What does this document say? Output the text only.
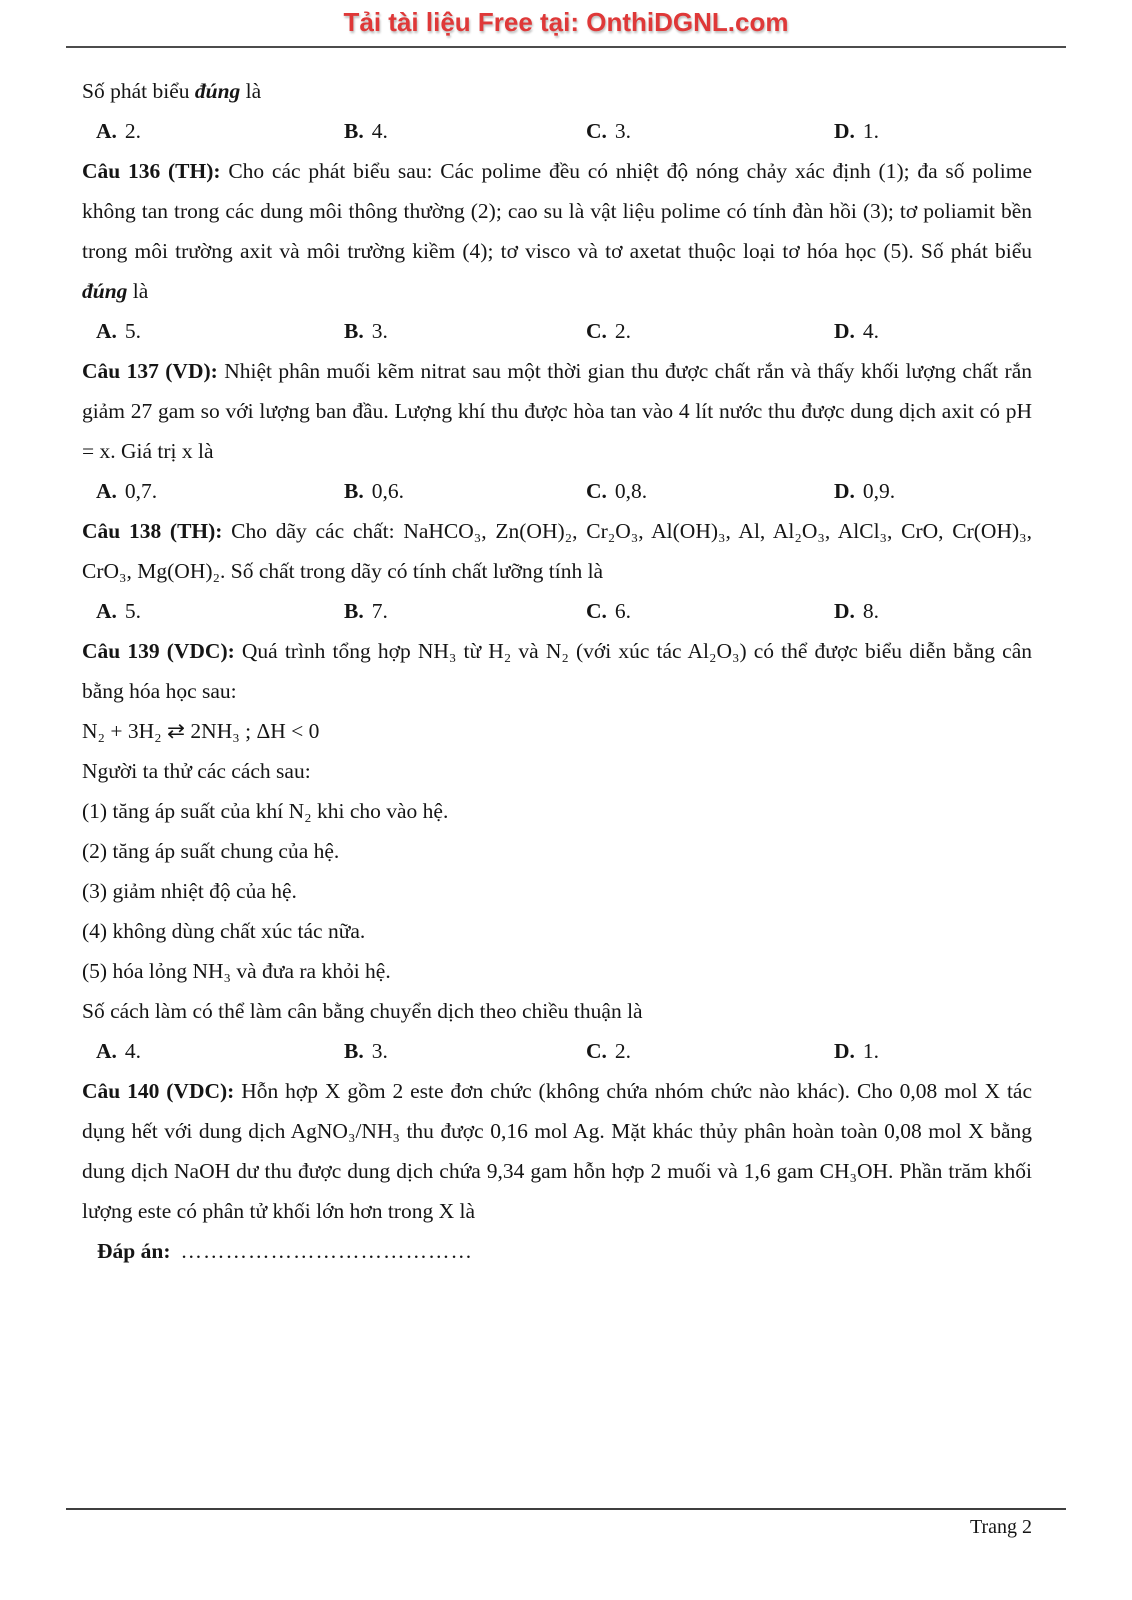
Tải tài liệu Free tại: OnthiDGNL.com

Số phát biểu đúng là

A. 2.	B. 4.	C. 3.	D. 1.

Câu 136 (TH): Cho các phát biểu sau: Các polime đều có nhiệt độ nóng chảy xác định (1); đa số polime không tan trong các dung môi thông thường (2); cao su là vật liệu polime có tính đàn hồi (3); tơ poliamit bền trong môi trường axit và môi trường kiềm (4); tơ visco và tơ axetat thuộc loại tơ hóa học (5). Số phát biểu đúng là

A. 5.	B. 3.	C. 2.	D. 4.

Câu 137 (VD): Nhiệt phân muối kẽm nitrat sau một thời gian thu được chất rắn và thấy khối lượng chất rắn giảm 27 gam so với lượng ban đầu. Lượng khí thu được hòa tan vào 4 lít nước thu được dung dịch axit có pH = x. Giá trị x là

A. 0,7.	B. 0,6.	C. 0,8.	D. 0,9.

Câu 138 (TH): Cho dãy các chất: NaHCO₃, Zn(OH)₂, Cr₂O₃, Al(OH)₃, Al, Al₂O₃, AlCl₃, CrO, Cr(OH)₃, CrO₃, Mg(OH)₂. Số chất trong dãy có tính chất lưỡng tính là

A. 5.	B. 7.	C. 6.	D. 8.

Câu 139 (VDC): Quá trình tổng hợp NH₃ từ H₂ và N₂ (với xúc tác Al₂O₃) có thể được biểu diễn bằng cân bằng hóa học sau:

N₂ + 3H₂ ⇄ 2NH₃ ; ΔH < 0

Người ta thử các cách sau:

(1) tăng áp suất của khí N₂ khi cho vào hệ.

(2) tăng áp suất chung của hệ.

(3) giảm nhiệt độ của hệ.

(4) không dùng chất xúc tác nữa.

(5) hóa lỏng NH₃ và đưa ra khỏi hệ.

Số cách làm có thể làm cân bằng chuyển dịch theo chiều thuận là

A. 4.	B. 3.	C. 2.	D. 1.

Câu 140 (VDC): Hỗn hợp X gồm 2 este đơn chức (không chứa nhóm chức nào khác). Cho 0,08 mol X tác dụng hết với dung dịch AgNO₃/NH₃ thu được 0,16 mol Ag. Mặt khác thủy phân hoàn toàn 0,08 mol X bằng dung dịch NaOH dư thu được dung dịch chứa 9,34 gam hỗn hợp 2 muối và 1,6 gam CH₃OH. Phần trăm khối lượng este có phân tử khối lớn hơn trong X là

Đáp án: …………………………………

Trang 2
